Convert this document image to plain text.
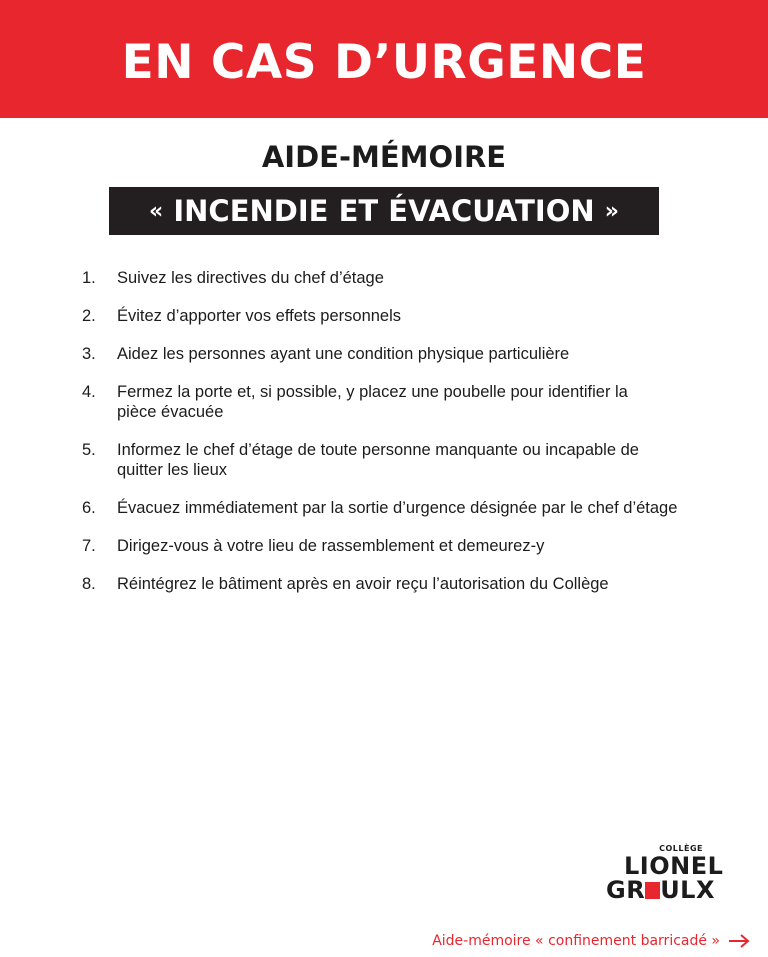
EN CAS D’URGENCE
AIDE-MÉMOIRE
« INCENDIE ET ÉVACUATION »
1.	Suivez les directives du chef d’étage
2.	Évitez d’apporter vos effets personnels
3.	Aidez les personnes ayant une condition physique particulière
4.	Fermez la porte et, si possible, y placez une poubelle pour identifier la pièce évacuée
5.	Informez le chef d’étage de toute personne manquante ou incapable de quitter les lieux
6.	Évacuez immédiatement par la sortie d’urgence désignée par le chef d’étage
7.	Dirigez-vous à votre lieu de rassemblement et demeurez-y
8.	Réintégrez le bâtiment après en avoir reçu l’autorisation du Collège
COLLÈGE
LIONEL
GR ULX
Aide-mémoire « confinement barricadé »
